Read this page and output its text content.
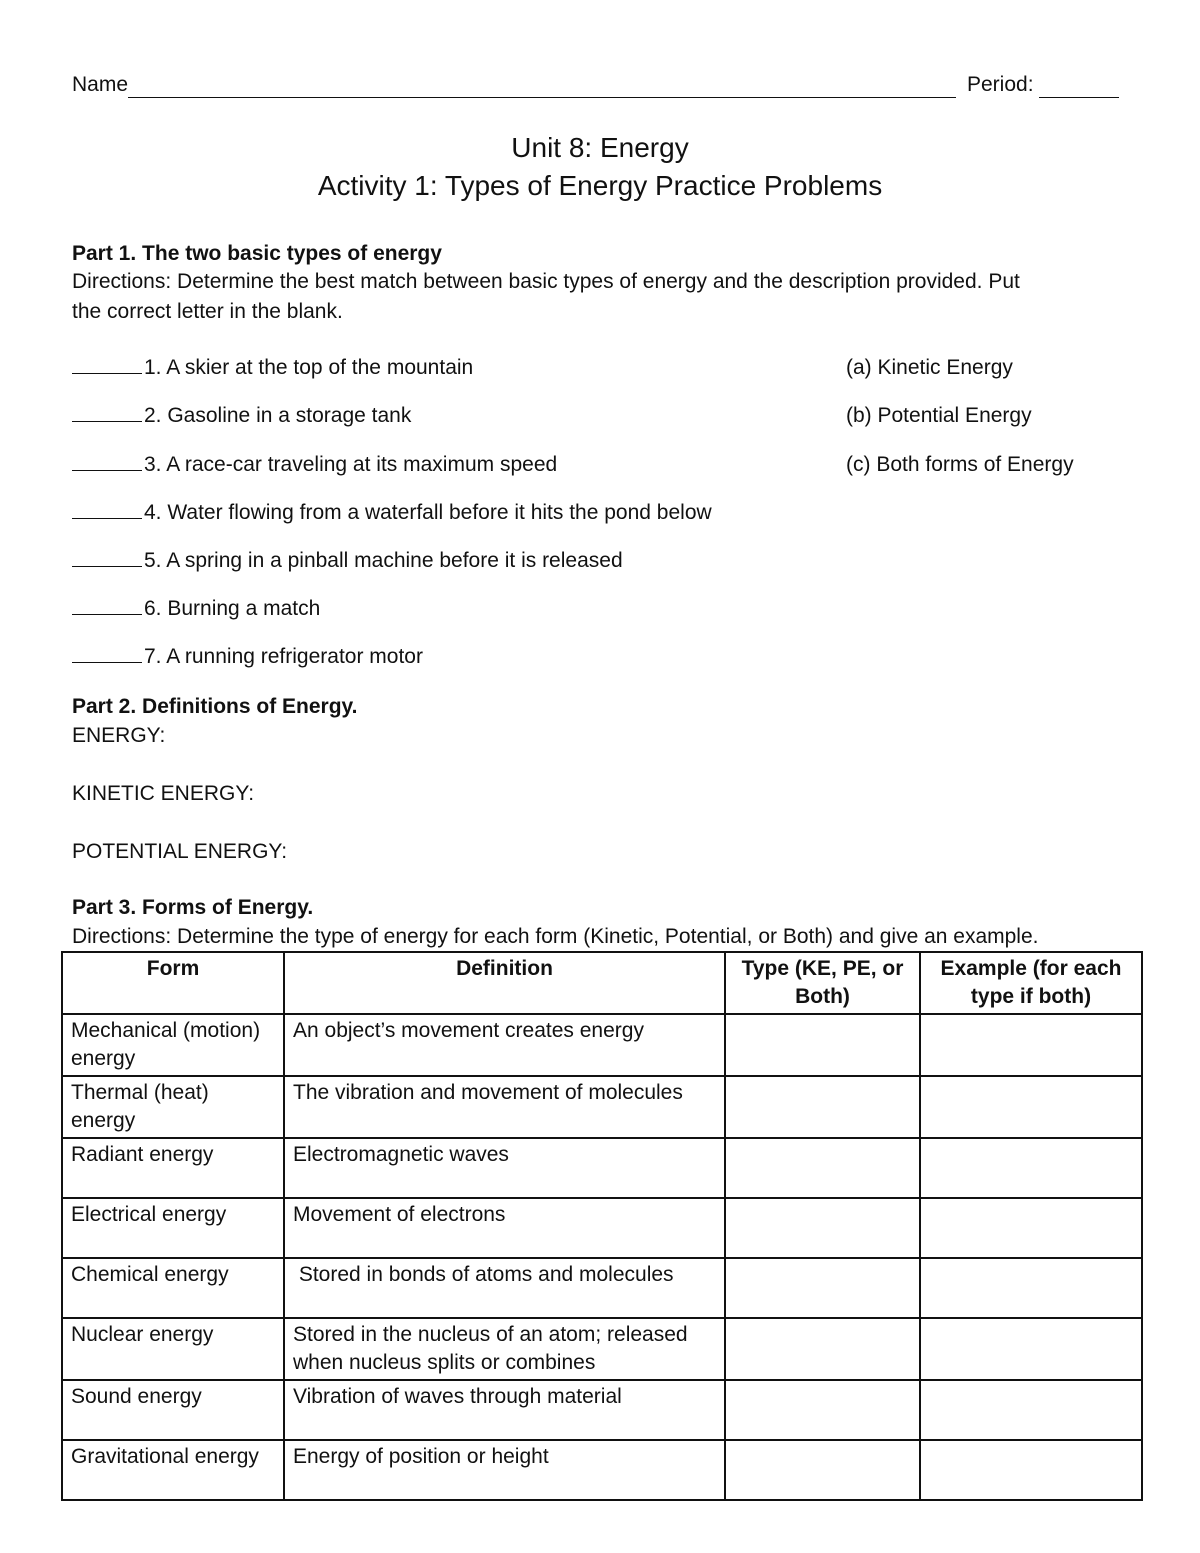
Name	Period:
Unit 8: Energy
Activity 1: Types of Energy Practice Problems
Part 1. The two basic types of energy
Directions: Determine the best match between basic types of energy and the description provided. Put
the correct letter in the blank.
1. A skier at the top of the mountain
2. Gasoline in a storage tank
3. A race-car traveling at its maximum speed
4. Water flowing from a waterfall before it hits the pond below
5. A spring in a pinball machine before it is released
6. Burning a match
7. A running refrigerator motor
(a) Kinetic Energy
(b) Potential Energy
(c) Both forms of Energy
Part 2. Definitions of Energy.
ENERGY:
KINETIC ENERGY:
POTENTIAL ENERGY:
Part 3. Forms of Energy.
Directions: Determine the type of energy for each form (Kinetic, Potential, or Both) and give an example.
Form	Definition	Type (KE, PE, or Both)	Example (for each type if both)
Mechanical (motion) energy	An object’s movement creates energy		
Thermal (heat) energy	The vibration and movement of molecules		
Radiant energy	Electromagnetic waves		
Electrical energy	Movement of electrons		
Chemical energy	Stored in bonds of atoms and molecules		
Nuclear energy	Stored in the nucleus of an atom; released when nucleus splits or combines		
Sound energy	Vibration of waves through material		
Gravitational energy	Energy of position or height		
